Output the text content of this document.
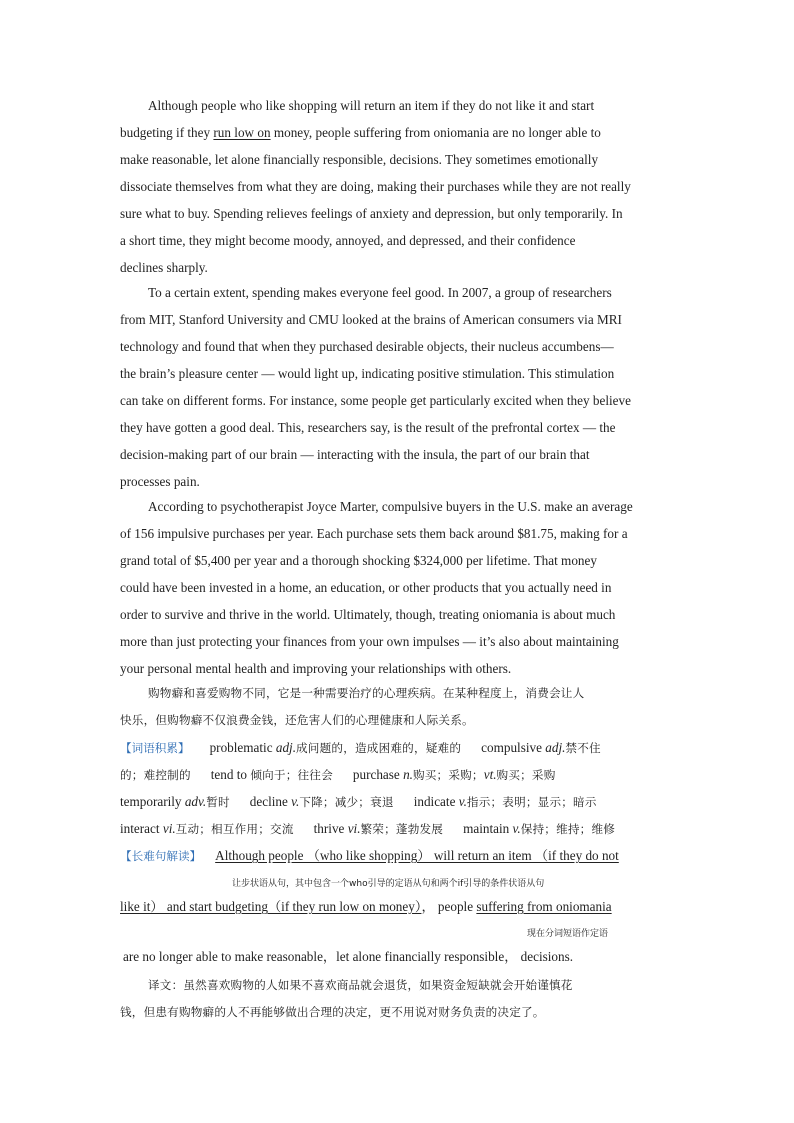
Although people who like shopping will return an item if they do not like it and start
budgeting if they run low on money, people suffering from oniomania are no longer able to
make reasonable, let alone financially responsible, decisions. They sometimes emotionally
dissociate themselves from what they are doing, making their purchases while they are not really
sure what to buy. Spending relieves feelings of anxiety and depression, but only temporarily. In
a short time, they might become moody, annoyed, and depressed, and their confidence
declines sharply.
To a certain extent, spending makes everyone feel good. In 2007, a group of researchers
from MIT, Stanford University and CMU looked at the brains of American consumers via MRI
technology and found that when they purchased desirable objects, their nucleus accumbens—
the brain’s pleasure center — would light up, indicating positive stimulation. This stimulation
can take on different forms. For instance, some people get particularly excited when they believe
they have gotten a good deal. This, researchers say, is the result of the prefrontal cortex — the
decision-making part of our brain — interacting with the insula, the part of our brain that
processes pain.
According to psychotherapist Joyce Marter, compulsive buyers in the U.S. make an average
of 156 impulsive purchases per year. Each purchase sets them back around $81.75, making for a
grand total of $5,400 per year and a thorough shocking $324,000 per lifetime. That money
could have been invested in a home, an education, or other products that you actually need in
order to survive and thrive in the world. Ultimately, though, treating oniomania is about much
more than just protecting your finances from your own impulses — it’s also about maintaining
your personal mental health and improving your relationships with others.
购物癖和喜爱购物不同，它是一种需要治疗的心理疾病。在某种程度上，消费会让人
快乐，但购物癖不仅浪费金钱，还危害人们的心理健康和人际关系。
【词语积累】 problematic adj.成问题的，造成困难的，疑难的 compulsive adj.禁不住
的；难控制的 tend to 倾向于；往往会 purchase n.购买；采购；vt.购买；采购
temporarily adv.暂时 decline v.下降；减少；衰退 indicate v.指示；表明；显示；暗示
interact vi.互动；相互作用；交流 thrive vi.繁荣；蓬勃发展 maintain v.保持；维持；维修
【长难句解读】 Although people （who like shopping） will return an item （if they do not
让步状语从句，其中包含一个who引导的定语从句和两个if引导的条件状语从句
like it） and start budgeting（if they run low on money）， people suffering from oniomania
现在分词短语作定语
are no longer able to make reasonable，let alone financially responsible， decisions.
译文：虽然喜欢购物的人如果不喜欢商品就会退货，如果资金短缺就会开始谨慎花
钱，但患有购物癖的人不再能够做出合理的决定，更不用说对财务负责的决定了。
